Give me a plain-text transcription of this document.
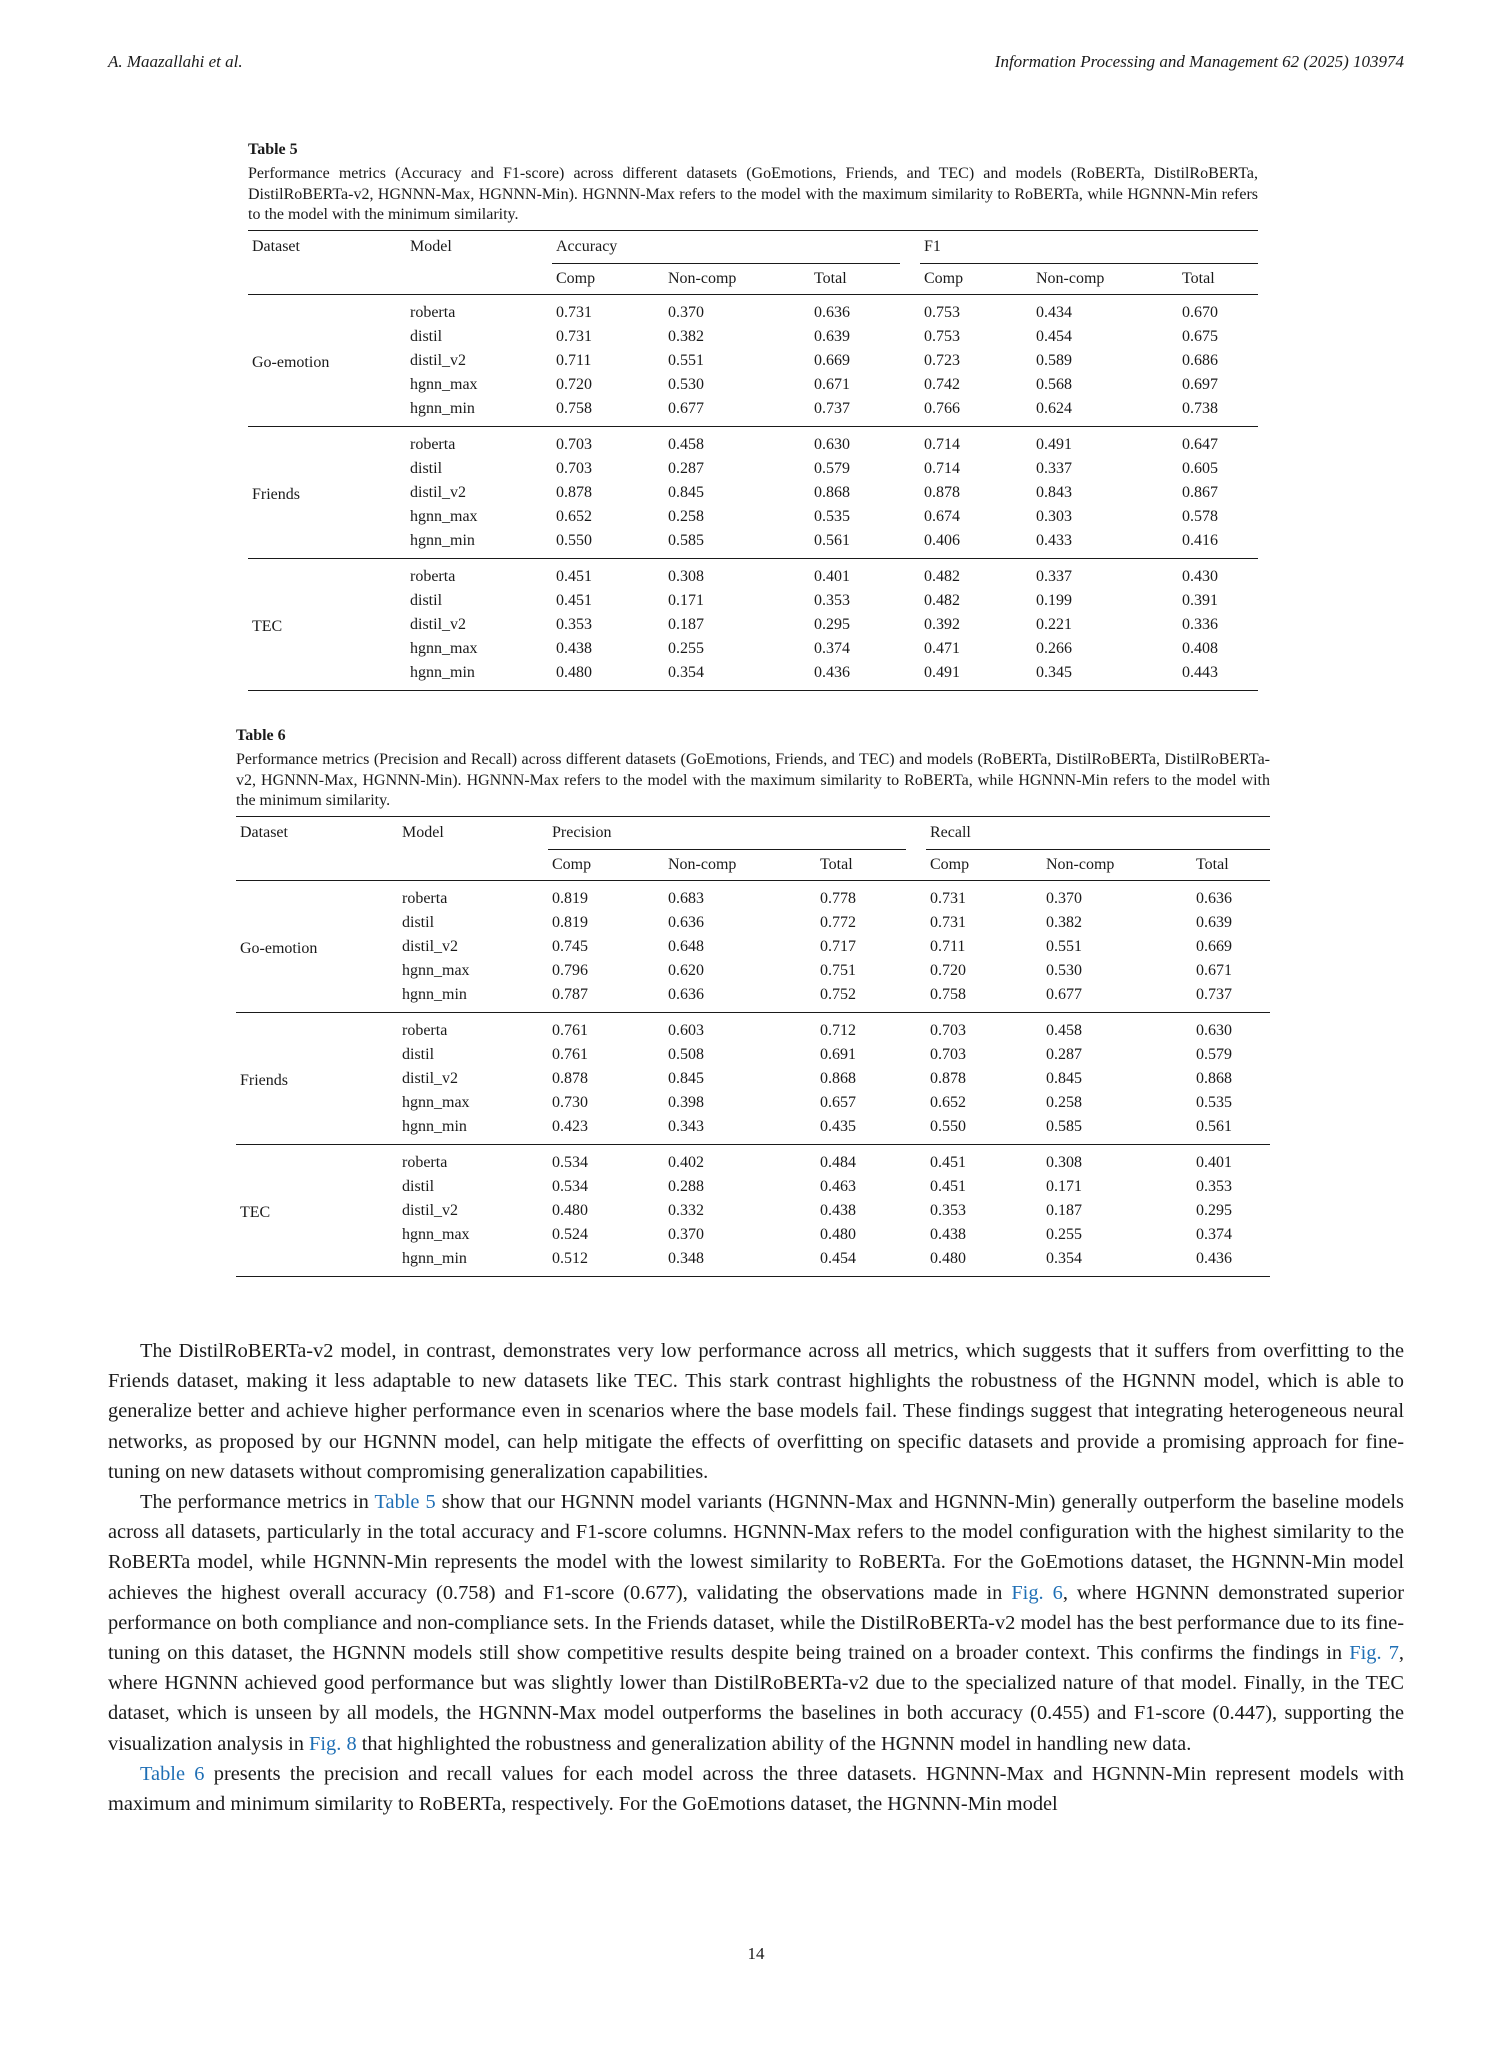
A. Maazallahi et al.	Information Processing and Management 62 (2025) 103974
Table 5
Performance metrics (Accuracy and F1-score) across different datasets (GoEmotions, Friends, and TEC) and models (RoBERTa, DistilRoBERTa, DistilRoBERTa-v2, HGNNN-Max, HGNNN-Min). HGNNN-Max refers to the model with the maximum similarity to RoBERTa, while HGNNN-Min refers to the model with the minimum similarity.
Dataset	Model	Accuracy				F1		
		Comp	Non-comp	Total		Comp	Non-comp	Total
Go-emotion	roberta	0.731	0.370	0.636		0.753	0.434	0.670
	distil	0.731	0.382	0.639		0.753	0.454	0.675
	distil_v2	0.711	0.551	0.669		0.723	0.589	0.686
	hgnn_max	0.720	0.530	0.671		0.742	0.568	0.697
	hgnn_min	0.758	0.677	0.737		0.766	0.624	0.738
Friends	roberta	0.703	0.458	0.630		0.714	0.491	0.647
	distil	0.703	0.287	0.579		0.714	0.337	0.605
	distil_v2	0.878	0.845	0.868		0.878	0.843	0.867
	hgnn_max	0.652	0.258	0.535		0.674	0.303	0.578
	hgnn_min	0.550	0.585	0.561		0.406	0.433	0.416
TEC	roberta	0.451	0.308	0.401		0.482	0.337	0.430
	distil	0.451	0.171	0.353		0.482	0.199	0.391
	distil_v2	0.353	0.187	0.295		0.392	0.221	0.336
	hgnn_max	0.438	0.255	0.374		0.471	0.266	0.408
	hgnn_min	0.480	0.354	0.436		0.491	0.345	0.443
Table 6
Performance metrics (Precision and Recall) across different datasets (GoEmotions, Friends, and TEC) and models (RoBERTa, DistilRoBERTa, DistilRoBERTa-v2, HGNNN-Max, HGNNN-Min). HGNNN-Max refers to the model with the maximum similarity to RoBERTa, while HGNNN-Min refers to the model with the minimum similarity.
Dataset	Model	Precision				Recall		
		Comp	Non-comp	Total		Comp	Non-comp	Total
Go-emotion	roberta	0.819	0.683	0.778		0.731	0.370	0.636
	distil	0.819	0.636	0.772		0.731	0.382	0.639
	distil_v2	0.745	0.648	0.717		0.711	0.551	0.669
	hgnn_max	0.796	0.620	0.751		0.720	0.530	0.671
	hgnn_min	0.787	0.636	0.752		0.758	0.677	0.737
Friends	roberta	0.761	0.603	0.712		0.703	0.458	0.630
	distil	0.761	0.508	0.691		0.703	0.287	0.579
	distil_v2	0.878	0.845	0.868		0.878	0.845	0.868
	hgnn_max	0.730	0.398	0.657		0.652	0.258	0.535
	hgnn_min	0.423	0.343	0.435		0.550	0.585	0.561
TEC	roberta	0.534	0.402	0.484		0.451	0.308	0.401
	distil	0.534	0.288	0.463		0.451	0.171	0.353
	distil_v2	0.480	0.332	0.438		0.353	0.187	0.295
	hgnn_max	0.524	0.370	0.480		0.438	0.255	0.374
	hgnn_min	0.512	0.348	0.454		0.480	0.354	0.436

The DistilRoBERTa-v2 model, in contrast, demonstrates very low performance across all metrics, which suggests that it suffers from overfitting to the Friends dataset, making it less adaptable to new datasets like TEC. This stark contrast highlights the robustness of the HGNNN model, which is able to generalize better and achieve higher performance even in scenarios where the base models fail. These findings suggest that integrating heterogeneous neural networks, as proposed by our HGNNN model, can help mitigate the effects of overfitting on specific datasets and provide a promising approach for fine-tuning on new datasets without compromising generalization capabilities.

The performance metrics in Table 5 show that our HGNNN model variants (HGNNN-Max and HGNNN-Min) generally outperform the baseline models across all datasets, particularly in the total accuracy and F1-score columns. HGNNN-Max refers to the model configuration with the highest similarity to the RoBERTa model, while HGNNN-Min represents the model with the lowest similarity to RoBERTa. For the GoEmotions dataset, the HGNNN-Min model achieves the highest overall accuracy (0.758) and F1-score (0.677), validating the observations made in Fig. 6, where HGNNN demonstrated superior performance on both compliance and non-compliance sets. In the Friends dataset, while the DistilRoBERTa-v2 model has the best performance due to its fine-tuning on this dataset, the HGNNN models still show competitive results despite being trained on a broader context. This confirms the findings in Fig. 7, where HGNNN achieved good performance but was slightly lower than DistilRoBERTa-v2 due to the specialized nature of that model. Finally, in the TEC dataset, which is unseen by all models, the HGNNN-Max model outperforms the baselines in both accuracy (0.455) and F1-score (0.447), supporting the visualization analysis in Fig. 8 that highlighted the robustness and generalization ability of the HGNNN model in handling new data.

Table 6 presents the precision and recall values for each model across the three datasets. HGNNN-Max and HGNNN-Min represent models with maximum and minimum similarity to RoBERTa, respectively. For the GoEmotions dataset, the HGNNN-Min model

14
